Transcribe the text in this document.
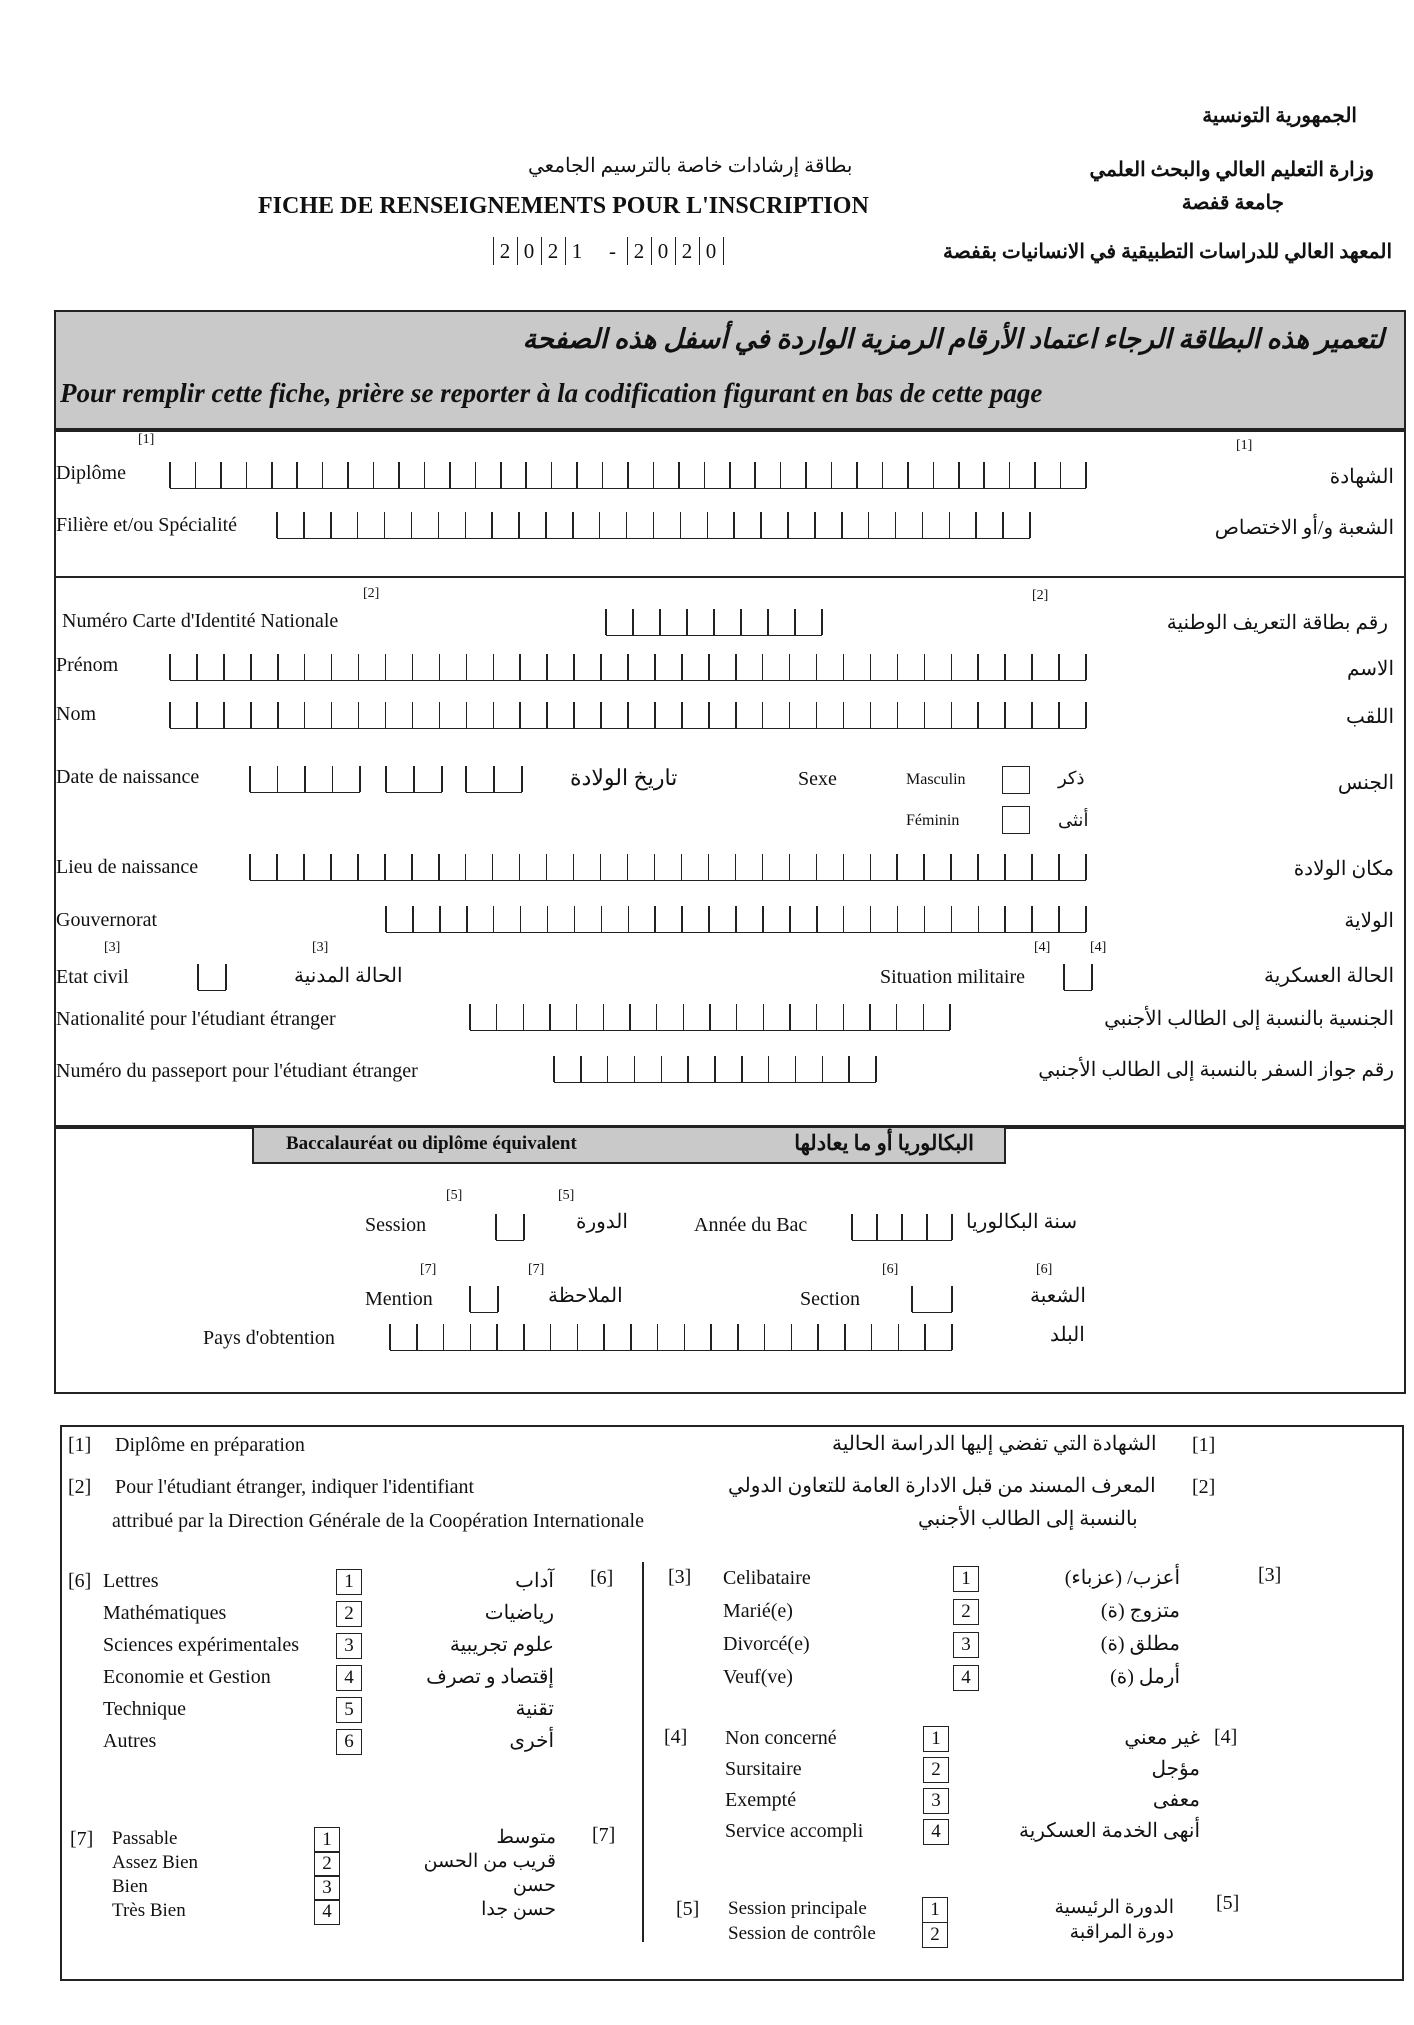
الجمهورية التونسية
وزارة التعليم العالي والبحث العلمي
جامعة قفصة
المعهد العالي للدراسات التطبيقية في الانسانيات بقفصة
بطاقة إرشادات خاصة بالترسيم الجامعي
FICHE DE RENSEIGNEMENTS POUR L'INSCRIPTION
2 0 2 1 - 2 0 2 0
لتعمير هذه البطاقة الرجاء اعتماد الأرقام الرمزية الواردة في أسفل هذه الصفحة
Pour remplir cette fiche, prière se reporter à la codification figurant en bas de cette page
[1]	[1]
Diplôme	الشهادة
Filière et/ou Spécialité	الشعبة و/أو الاختصاص
[2]	[2]
Numéro Carte d'Identité Nationale	رقم بطاقة التعريف الوطنية
Prénom	الاسم
Nom	اللقب
Date de naissance	تاريخ الولادة	Sexe	Masculin	ذكر
Féminin	أنثى
الجنس
Lieu de naissance	مكان الولادة
Gouvernorat	الولاية
[3]	[3]	[4]	[4]
Etat civil	الحالة المدنية	Situation militaire	الحالة العسكرية
Nationalité pour l'étudiant étranger	الجنسية بالنسبة إلى الطالب الأجنبي
Numéro du passeport pour l'étudiant étranger	رقم جواز السفر بالنسبة إلى الطالب الأجنبي
Baccalauréat ou diplôme équivalent	البكالوريا أو ما يعادلها
[5]	[5]
Session	الدورة	Année du Bac	سنة البكالوريا
[7]	[7]	[6]	[6]
Mention	الملاحظة	Section	الشعبة
Pays d'obtention	البلد
[1] Diplôme en préparation	الشهادة التي تفضي إليها الدراسة الحالية [1]
[2] Pour l'étudiant étranger, indiquer l'identifiant
attribué par la Direction Générale de la Coopération Internationale
المعرف المسند من قبل الادارة العامة للتعاون الدولي
بالنسبة إلى الطالب الأجنبي
[2]
[6]	[6]
Lettres	1	آداب
Mathématiques	2	رياضيات
Sciences expérimentales	3	علوم تجريبية
Economie et Gestion	4	إقتصاد و تصرف
Technique	5	تقنية
Autres	6	أخرى
[7]	[7]
Passable	1	متوسط
Assez Bien	2	قريب من الحسن
Bien	3	حسن
Très Bien	4	حسن جدا
[3]	[3]
Celibataire	1	أعزب/ (عزباء)
Marié(e)	2	متزوج (ة)
Divorcé(e)	3	مطلق (ة)
Veuf(ve)	4	أرمل (ة)
[4]	[4]
Non concerné	1	غير معني
Sursitaire	2	مؤجل
Exempté	3	معفى
Service accompli	4	أنهى الخدمة العسكرية
[5]	[5]
Session principale	1	الدورة الرئيسية
Session de contrôle	2	دورة المراقبة
